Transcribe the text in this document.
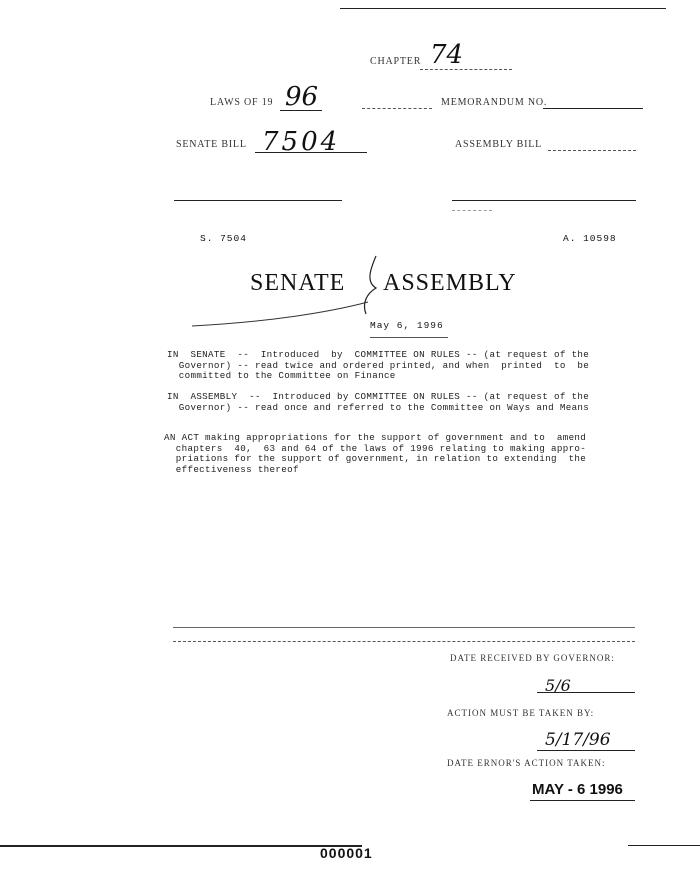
CHAPTER 74
LAWS OF 19 96	MEMORANDUM NO.
SENATE BILL 7504	ASSEMBLY BILL
S. 7504	A. 10598
SENATE ASSEMBLY
May 6, 1996
IN  SENATE  --  Introduced  by  COMMITTEE ON RULES -- (at request of the
Governor) -- read twice and ordered printed, and when  printed  to  be
committed to the Committee on Finance
IN  ASSEMBLY  --  Introduced by COMMITTEE ON RULES -- (at request of the
Governor) -- read once and referred to the Committee on Ways and Means
AN ACT making appropriations for the support of government and to  amend
chapters  40,  63 and 64 of the laws of 1996 relating to making appro-
priations for the support of government, in relation to extending  the
effectiveness thereof
DATE RECEIVED BY GOVERNOR:
5/6
ACTION MUST BE TAKEN BY:
5/17/96
DATE ERNOR'S ACTION TAKEN:
MAY - 6 1996
000001
